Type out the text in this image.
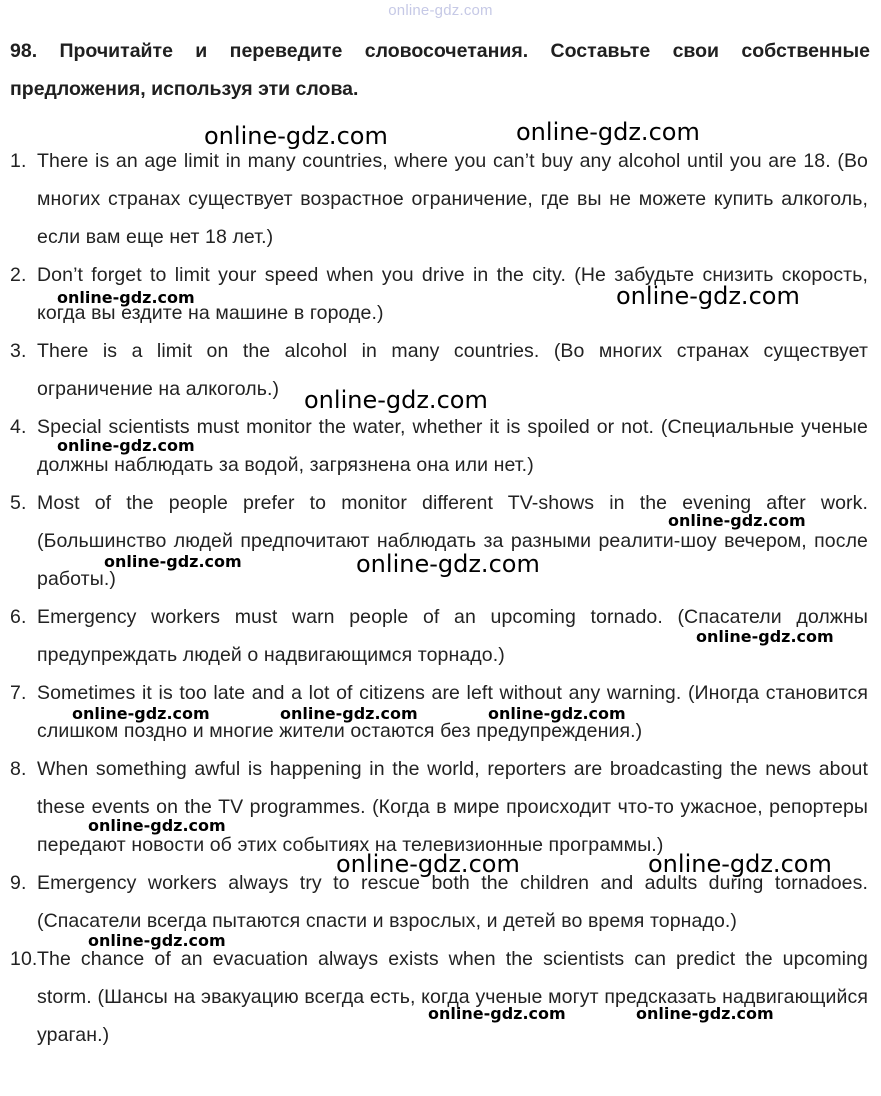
online-gdz.com
98. Прочитайте и переведите словосочетания. Составьте свои собственные предложения, используя эти слова.
1. There is an age limit in many countries, where you can’t buy any alcohol until you are 18. (Во многих странах существует возрастное ограничение, где вы не можете купить алкоголь, если вам еще нет 18 лет.)
2. Don’t forget to limit your speed when you drive in the city. (Не забудьте снизить скорость, когда вы ездите на машине в городе.)
3. There is a limit on the alcohol in many countries. (Во многих странах существует ограничение на алкоголь.)
4. Special scientists must monitor the water, whether it is spoiled or not. (Специальные ученые должны наблюдать за водой, загрязнена она или нет.)
5. Most of the people prefer to monitor different TV-shows in the evening after work. (Большинство людей предпочитают наблюдать за разными реалити-шоу вечером, после работы.)
6. Emergency workers must warn people of an upcoming tornado. (Спасатели должны предупреждать людей о надвигающимся торнадо.)
7. Sometimes it is too late and a lot of citizens are left without any warning. (Иногда становится слишком поздно и многие жители остаются без предупреждения.)
8. When something awful is happening in the world, reporters are broadcasting the news about these events on the TV programmes. (Когда в мире происходит что-то ужасное, репортеры передают новости об этих событиях на телевизионные программы.)
9. Emergency workers always try to rescue both the children and adults during tornadoes. (Спасатели всегда пытаются спасти и взрослых, и детей во время торнадо.)
10.The chance of an evacuation always exists when the scientists can predict the upcoming storm. (Шансы на эвакуацию всегда есть, когда ученые могут предсказать надвигающийся ураган.)
online-gdz.com	online-gdz.com
online-gdz.com	online-gdz.com
online-gdz.com
online-gdz.com
online-gdz.com
online-gdz.com	online-gdz.com
online-gdz.com
online-gdz.com	online-gdz.com	online-gdz.com
online-gdz.com
online-gdz.com	online-gdz.com
online-gdz.com
online-gdz.com	online-gdz.com
